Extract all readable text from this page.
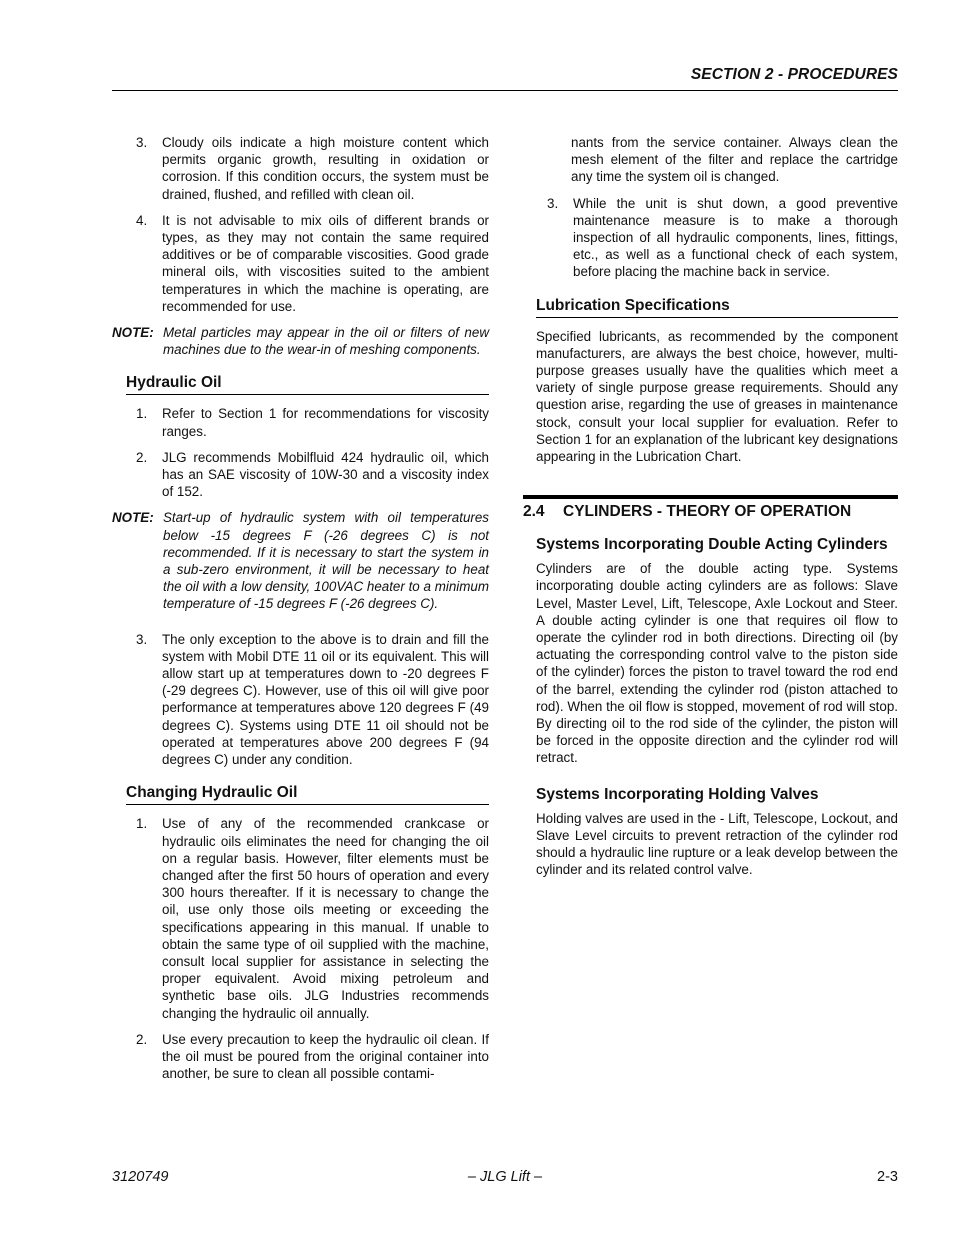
SECTION 2 - PROCEDURES
3. Cloudy oils indicate a high moisture content which permits organic growth, resulting in oxidation or corrosion. If this condition occurs, the system must be drained, flushed, and refilled with clean oil.

4. It is not advisable to mix oils of different brands or types, as they may not contain the same required additives or be of comparable viscosities. Good grade mineral oils, with viscosities suited to the ambient temperatures in which the machine is operating, are recommended for use.

NOTE: Metal particles may appear in the oil or filters of new machines due to the wear-in of meshing components.

Hydraulic Oil
1. Refer to Section 1 for recommendations for viscosity ranges.

2. JLG recommends Mobilfluid 424 hydraulic oil, which has an SAE viscosity of 10W-30 and a viscosity index of 152.

NOTE: Start-up of hydraulic system with oil temperatures below -15 degrees F (-26 degrees C) is not recommended. If it is necessary to start the system in a sub-zero environment, it will be necessary to heat the oil with a low density, 100VAC heater to a minimum temperature of -15 degrees F (-26 degrees C).

3. The only exception to the above is to drain and fill the system with Mobil DTE 11 oil or its equivalent. This will allow start up at temperatures down to -20 degrees F (-29 degrees C). However, use of this oil will give poor performance at temperatures above 120 degrees F (49 degrees C). Systems using DTE 11 oil should not be operated at temperatures above 200 degrees F (94 degrees C) under any condition.

Changing Hydraulic Oil
1. Use of any of the recommended crankcase or hydraulic oils eliminates the need for changing the oil on a regular basis. However, filter elements must be changed after the first 50 hours of operation and every 300 hours thereafter. If it is necessary to change the oil, use only those oils meeting or exceeding the specifications appearing in this manual. If unable to obtain the same type of oil supplied with the machine, consult local supplier for assistance in selecting the proper equivalent. Avoid mixing petroleum and synthetic base oils. JLG Industries recommends changing the hydraulic oil annually.

2. Use every precaution to keep the hydraulic oil clean. If the oil must be poured from the original container into another, be sure to clean all possible contami-

nants from the service container. Always clean the mesh element of the filter and replace the cartridge any time the system oil is changed.

3. While the unit is shut down, a good preventive maintenance measure is to make a thorough inspection of all hydraulic components, lines, fittings, etc., as well as a functional check of each system, before placing the machine back in service.

Lubrication Specifications

Specified lubricants, as recommended by the component manufacturers, are always the best choice, however, multi-purpose greases usually have the qualities which meet a variety of single purpose grease requirements. Should any question arise, regarding the use of greases in maintenance stock, consult your local supplier for evaluation. Refer to Section 1 for an explanation of the lubricant key designations appearing in the Lubrication Chart.

2.4 CYLINDERS - THEORY OF OPERATION
Systems Incorporating Double Acting Cylinders

Cylinders are of the double acting type. Systems incorporating double acting cylinders are as follows: Slave Level, Master Level, Lift, Telescope, Axle Lockout and Steer. A double acting cylinder is one that requires oil flow to operate the cylinder rod in both directions. Directing oil (by actuating the corresponding control valve to the piston side of the cylinder) forces the piston to travel toward the rod end of the barrel, extending the cylinder rod (piston attached to rod). When the oil flow is stopped, movement of rod will stop. By directing oil to the rod side of the cylinder, the piston will be forced in the opposite direction and the cylinder rod will retract.

Systems Incorporating Holding Valves

Holding valves are used in the - Lift, Telescope, Lockout, and Slave Level circuits to prevent retraction of the cylinder rod should a hydraulic line rupture or a leak develop between the cylinder and its related control valve.

3120749	– JLG Lift –	2-3
